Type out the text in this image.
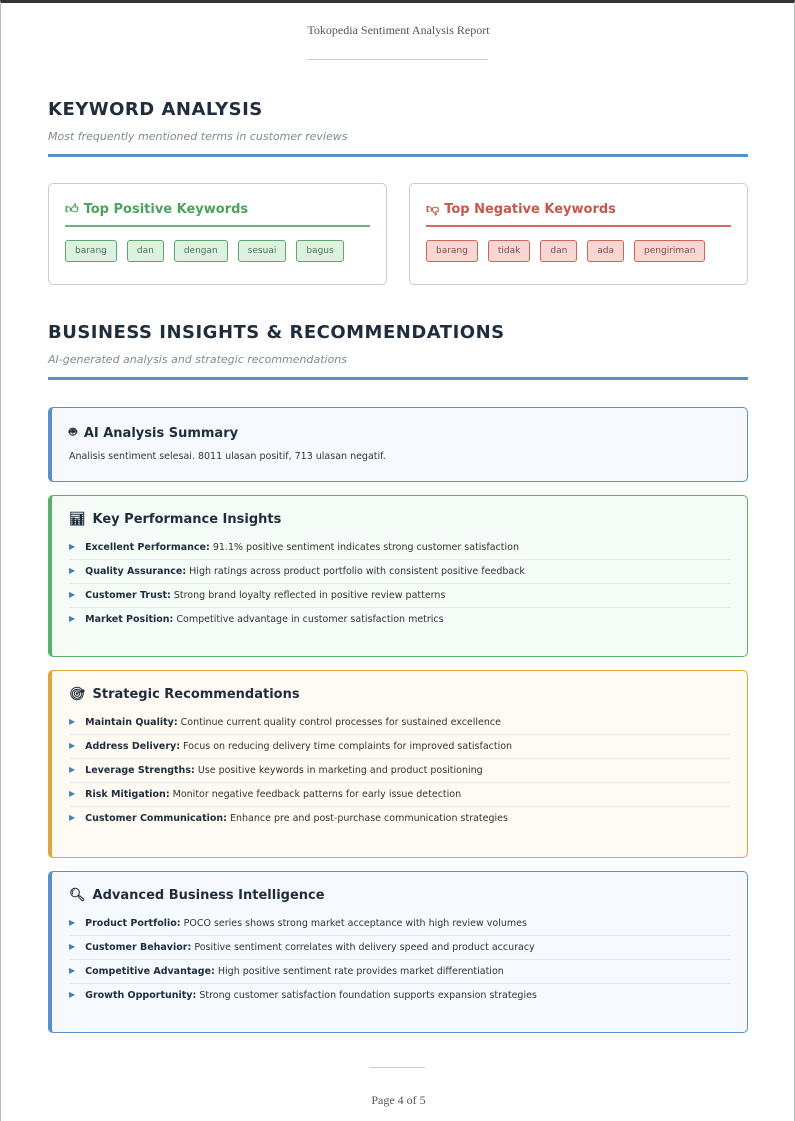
Tokopedia Sentiment Analysis Report
KEYWORD ANALYSIS
Most frequently mentioned terms in customer reviews
👍︎ Top Positive Keywords
barang	dan	dengan	sesuai	bagus
👎︎ Top Negative Keywords
barang	tidak	dan	ada	pengiriman
BUSINESS INSIGHTS & RECOMMENDATIONS
AI-generated analysis and strategic recommendations
🤖︎ AI Analysis Summary
Analisis sentiment selesai. 8011 ulasan positif, 713 ulasan negatif.
📊︎ Key Performance Insights
▶ Excellent Performance: 91.1% positive sentiment indicates strong customer satisfaction
▶ Quality Assurance: High ratings across product portfolio with consistent positive feedback
▶ Customer Trust: Strong brand loyalty reflected in positive review patterns
▶ Market Position: Competitive advantage in customer satisfaction metrics
🎯︎ Strategic Recommendations
▶ Maintain Quality: Continue current quality control processes for sustained excellence
▶ Address Delivery: Focus on reducing delivery time complaints for improved satisfaction
▶ Leverage Strengths: Use positive keywords in marketing and product positioning
▶ Risk Mitigation: Monitor negative feedback patterns for early issue detection
▶ Customer Communication: Enhance pre and post-purchase communication strategies
🔍︎ Advanced Business Intelligence
▶ Product Portfolio: POCO series shows strong market acceptance with high review volumes
▶ Customer Behavior: Positive sentiment correlates with delivery speed and product accuracy
▶ Competitive Advantage: High positive sentiment rate provides market differentiation
▶ Growth Opportunity: Strong customer satisfaction foundation supports expansion strategies
Page 4 of 5
